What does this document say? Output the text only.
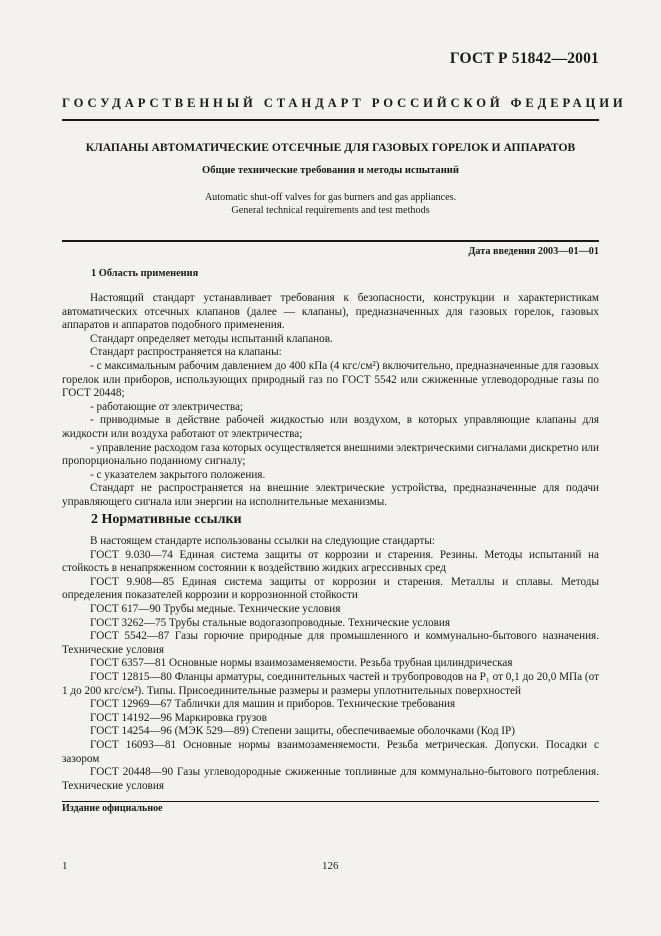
ГОСТ Р 51842—2001
ГОСУДАРСТВЕННЫЙ СТАНДАРТ РОССИЙСКОЙ ФЕДЕРАЦИИ
КЛАПАНЫ АВТОМАТИЧЕСКИЕ ОТСЕЧНЫЕ ДЛЯ ГАЗОВЫХ ГОРЕЛОК И АППАРАТОВ
Общие технические требования и методы испытаний
Automatic shut-off valves for gas burners and gas appliances.
General technical requirements and test methods
Дата введения 2003—01—01
1 Область применения

Настоящий стандарт устанавливает требования к безопасности, конструкции и характеристикам автоматических отсечных клапанов (далее — клапаны), предназначенных для газовых горелок, газовых аппаратов и аппаратов подобного применения.

Стандарт определяет методы испытаний клапанов.

Стандарт распространяется на клапаны:

- с максимальным рабочим давлением до 400 кПа (4 кгс/см²) включительно, предназначенные для газовых горелок или приборов, использующих природный газ по ГОСТ 5542 или сжиженные углеводородные газы по ГОСТ 20448;

- работающие от электричества;

- приводимые в действие рабочей жидкостью или воздухом, в которых управляющие клапаны для жидкости или воздуха работают от электричества;

- управление расходом газа которых осуществляется внешними электрическими сигналами дискретно или пропорционально поданному сигналу;

- с указателем закрытого положения.

Стандарт не распространяется на внешние электрические устройства, предназначенные для подачи управляющего сигнала или энергии на исполнительные механизмы.

2 Нормативные ссылки

В настоящем стандарте использованы ссылки на следующие стандарты:

ГОСТ 9.030—74 Единая система защиты от коррозии и старения. Резины. Методы испытаний на стойкость в ненапряженном состоянии к воздействию жидких агрессивных сред

ГОСТ 9.908—85 Единая система защиты от коррозии и старения. Металлы и сплавы. Методы определения показателей коррозии и коррозионной стойкости

ГОСТ 617—90 Трубы медные. Технические условия

ГОСТ 3262—75 Трубы стальные водогазопроводные. Технические условия

ГОСТ 5542—87 Газы горючие природные для промышленного и коммунально-бытового назначения. Технические условия

ГОСТ 6357—81 Основные нормы взаимозаменяемости. Резьба трубная цилиндрическая

ГОСТ 12815—80 Фланцы арматуры, соединительных частей и трубопроводов на P₁ от 0,1 до 20,0 МПа (от 1 до 200 кгс/см²). Типы. Присоединительные размеры и размеры уплотнительных поверхностей

ГОСТ 12969—67 Таблички для машин и приборов. Технические требования

ГОСТ 14192—96 Маркировка грузов

ГОСТ 14254—96 (МЭК 529—89) Степени защиты, обеспечиваемые оболочками (Код IP)

ГОСТ 16093—81 Основные нормы взаимозаменяемости. Резьба метрическая. Допуски. Посадки с зазором

ГОСТ 20448—90 Газы углеводородные сжиженные топливные для коммунально-бытового потребления. Технические условия

Издание официальное
1	126
